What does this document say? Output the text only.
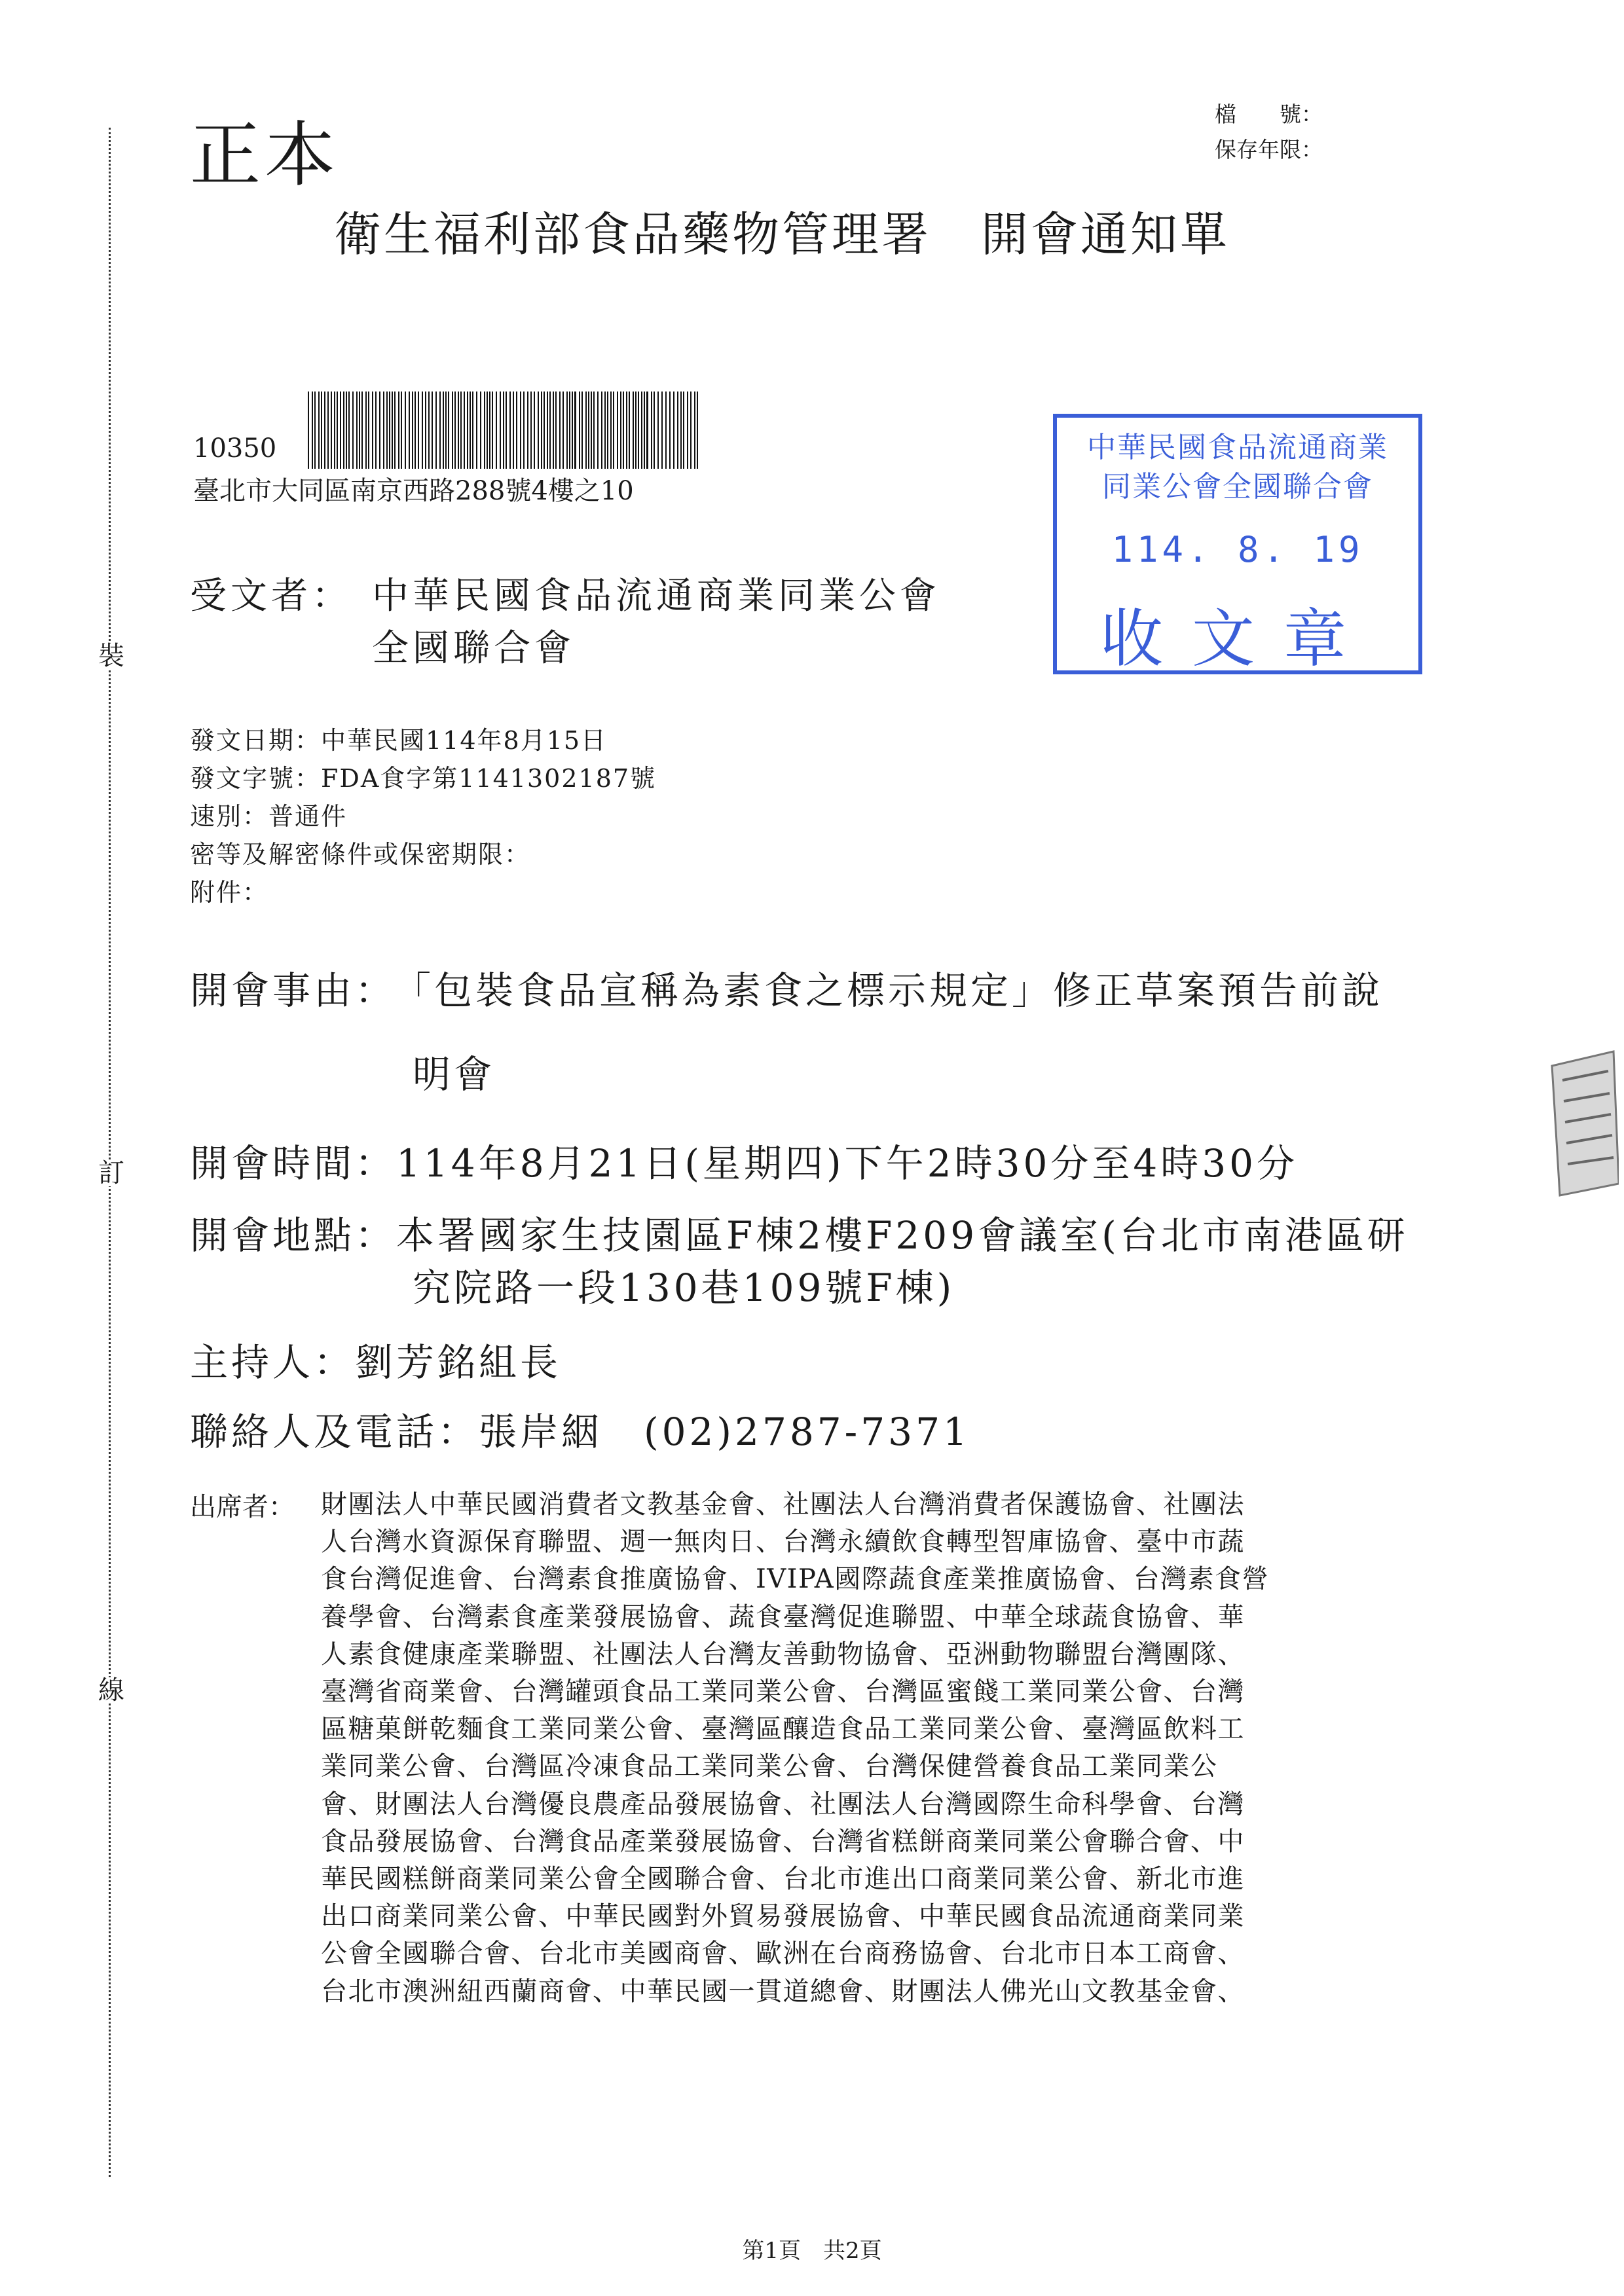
裝
訂
線
正本
檔　　號：
保存年限：
衛生福利部食品藥物管理署　開會通知單
10350
臺北市大同區南京西路288號4樓之10
中華民國食品流通商業
同業公會全國聯合會
114. 8. 19
收文章
受文者： 中華民國食品流通商業同業公會
全國聯合會
發文日期：中華民國114年8月15日
發文字號：FDA食字第1141302187號
速別：普通件
密等及解密條件或保密期限：
附件：
開會事由：
「包裝食品宣稱為素食之標示規定」修正草案預告前說
明會
開會時間：114年8月21日(星期四)下午2時30分至4時30分
開會地點：本署國家生技園區F棟2樓F209會議室(台北市南港區研
究院路一段130巷109號F棟)
主持人：劉芳銘組長
聯絡人及電話：張岸絪　(02)2787-7371
出席者： 財團法人中華民國消費者文教基金會、社團法人台灣消費者保護協會、社團法
人台灣水資源保育聯盟、週一無肉日、台灣永續飲食轉型智庫協會、臺中市蔬
食台灣促進會、台灣素食推廣協會、IVIPA國際蔬食產業推廣協會、台灣素食營
養學會、台灣素食產業發展協會、蔬食臺灣促進聯盟、中華全球蔬食協會、華
人素食健康產業聯盟、社團法人台灣友善動物協會、亞洲動物聯盟台灣團隊、
臺灣省商業會、台灣罐頭食品工業同業公會、台灣區蜜餞工業同業公會、台灣
區糖菓餅乾麵食工業同業公會、臺灣區釀造食品工業同業公會、臺灣區飲料工
業同業公會、台灣區冷凍食品工業同業公會、台灣保健營養食品工業同業公
會、財團法人台灣優良農產品發展協會、社團法人台灣國際生命科學會、台灣
食品發展協會、台灣食品產業發展協會、台灣省糕餅商業同業公會聯合會、中
華民國糕餅商業同業公會全國聯合會、台北市進出口商業同業公會、新北市進
出口商業同業公會、中華民國對外貿易發展協會、中華民國食品流通商業同業
公會全國聯合會、台北市美國商會、歐洲在台商務協會、台北市日本工商會、
台北市澳洲紐西蘭商會、中華民國一貫道總會、財團法人佛光山文教基金會、
第1頁　共2頁
